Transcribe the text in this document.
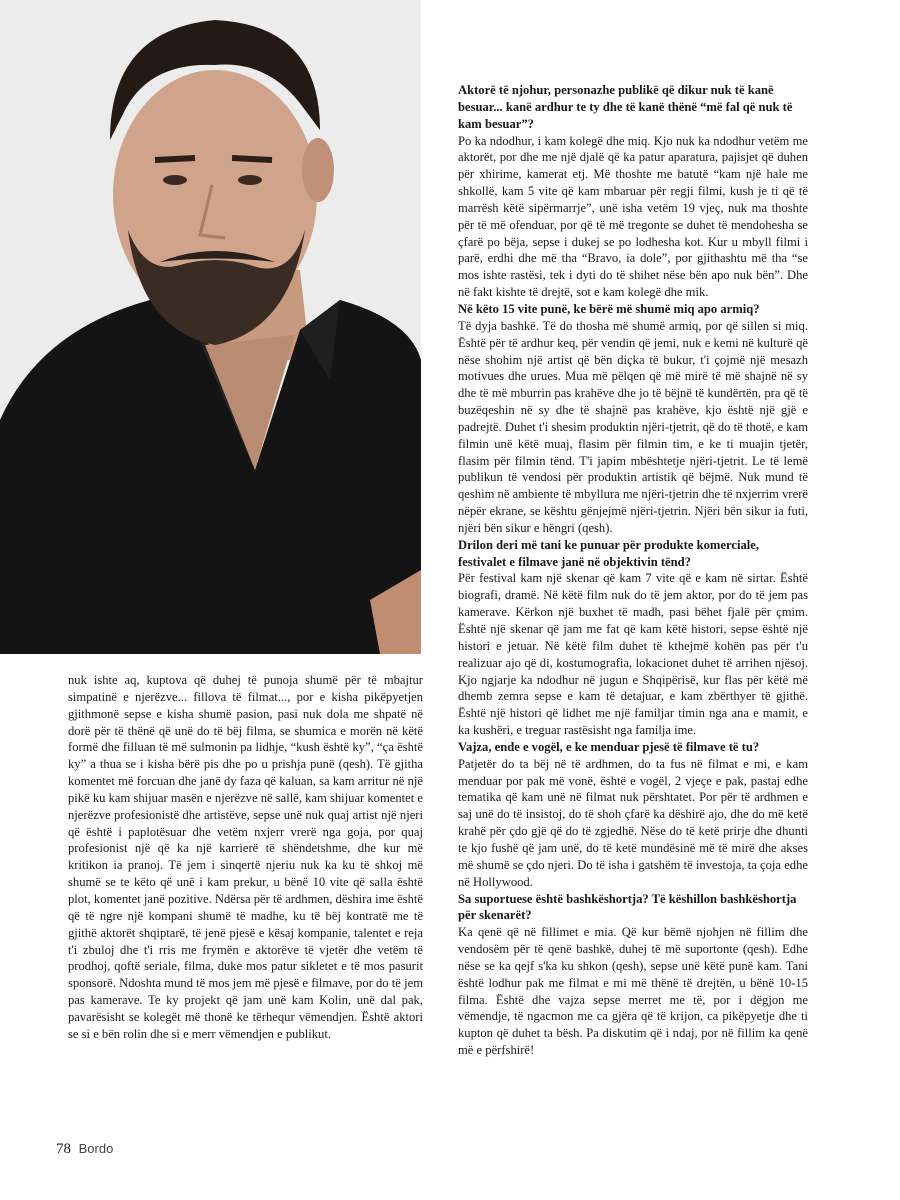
nuk ishte aq, kuptova që duhej të punoja shumë për të mbajtur simpatinë e njerëzve... fillova të filmat..., por e kisha pikëpyetjen gjithmonë sepse e kisha shumë pasion, pasi nuk dola me shpatë në dorë për të thënë që unë do të bëj filma, se shumica e morën në këtë formë dhe filluan të më sulmonin pa lidhje, “kush është ky”, “ça është ky” a thua se i kisha bërë pis dhe po u prishja punë (qesh). Të gjitha komentet më forcuan dhe janë dy faza që kaluan, sa kam arritur në një pikë ku kam shijuar masën e njerëzve në sallë, kam shijuar komentet e njerëzve profesionistë dhe artistëve, sepse unë nuk quaj artist një njeri që është i paplotësuar dhe vetëm nxjerr vrerë nga goja, por quaj profesionist një që ka një karrierë të shëndetshme, dhe kur më kritikon ia pranoj. Të jem i sinqertë njeriu nuk ka ku të shkoj më shumë se te këto që unë i kam prekur, u bënë 10 vite që salla është plot, komentet janë pozitive. Ndërsa për të ardhmen, dëshira ime është që të ngre një kompani shumë të madhe, ku të bëj kontratë me të gjithë aktorët shqiptarë, të jenë pjesë e kësaj kompanie, talentet e reja t'i zbuloj dhe t'i rris me frymën e aktorëve të vjetër dhe vetëm të prodhoj, qoftë seriale, filma, duke mos patur sikletet e të mos pasurit sponsorë. Ndoshta mund të mos jem më pjesë e filmave, por do të jem pas kamerave. Te ky projekt që jam unë kam Kolin, unë dal pak, pavarësisht se kolegët më thonë ke tërhequr vëmendjen. Është aktori se si e bën rolin dhe si e merr vëmendjen e publikut.

Aktorë të njohur, personazhe publikë që dikur nuk të kanë besuar... kanë ardhur te ty dhe të kanë thënë “më fal që nuk të kam besuar”?

Po ka ndodhur, i kam kolegë dhe miq. Kjo nuk ka ndodhur vetëm me aktorët, por dhe me një djalë që ka patur aparatura, pajisjet që duhen për xhirime, kamerat etj. Më thoshte me batutë “kam një hale me shkollë, kam 5 vite që kam mbaruar për regji filmi, kush je ti që të marrësh këtë sipërmarrje”, unë isha vetëm 19 vjeç, nuk ma thoshte për të më ofenduar, por që të më tregonte se duhet të mendohesha se çfarë po bëja, sepse i dukej se po lodhesha kot. Kur u mbyll filmi i parë, erdhi dhe më tha “Bravo, ia dole”, por gjithashtu më tha “se mos ishte rastësi, tek i dyti do të shihet nëse bën apo nuk bën”. Dhe në fakt kishte të drejtë, sot e kam kolegë dhe mik.

Në këto 15 vite punë, ke bërë më shumë miq apo armiq?

Të dyja bashkë. Të do thosha më shumë armiq, por që sillen si miq. Është për të ardhur keq, për vendin që jemi, nuk e kemi në kulturë që nëse shohim një artist që bën diçka të bukur, t'i çojmë një mesazh motivues dhe urues. Mua më pëlqen që më mirë të më shajnë në sy dhe të më mburrin pas krahëve dhe jo të bëjnë të kundërtën, pra që të buzëqeshin në sy dhe të shajnë pas krahëve, kjo është një gjë e padrejtë. Duhet t'i shesim produktin njëri-tjetrit, që do të thotë, e kam filmin unë këtë muaj, flasim për filmin tim, e ke ti muajin tjetër, flasim për filmin tënd. T'i japim mbështetje njëri-tjetrit. Le të lemë publikun të vendosi për produktin artistik që bëjmë. Nuk mund të qeshim në ambiente të mbyllura me njëri-tjetrin dhe të nxjerrim vrerë nëpër ekrane, se kështu gënjejmë njëri-tjetrin. Njëri bën sikur ia futi, njëri bën sikur e hëngri (qesh).

Drilon deri më tani ke punuar për produkte komerciale, festivalet e filmave janë në objektivin tënd?

Për festival kam një skenar që kam 7 vite që e kam në sirtar. Është biografi, dramë. Në këtë film nuk do të jem aktor, por do të jem pas kamerave. Kërkon një buxhet të madh, pasi bëhet fjalë për çmim. Është një skenar që jam me fat që kam këtë histori, sepse është një histori e jetuar. Në këtë film duhet të kthejmë kohën pas për t'u realizuar ajo që di, kostumografia, lokacionet duhet të arrihen njësoj. Kjo ngjarje ka ndodhur në jugun e Shqipërisë, kur flas për këtë më dhemb zemra sepse e kam të detajuar, e kam zbërthyer të gjithë. Është një histori që lidhet me një familjar timin nga ana e mamit, e ka kushëri, e treguar rastësisht nga familja ime.

Vajza, ende e vogël, e ke menduar pjesë të filmave të tu?

Patjetër do ta bëj në të ardhmen, do ta fus në filmat e mi, e kam menduar por pak më vonë, është e vogël, 2 vjeçe e pak, pastaj edhe tematika që kam unë në filmat nuk përshtatet. Por për të ardhmen e saj unë do të insistoj, do të shoh çfarë ka dëshirë ajo, dhe do më ketë krahë për çdo gjë që do të zgjedhë. Nëse do të ketë prirje dhe dhunti te kjo fushë që jam unë, do të ketë mundësinë më të mirë dhe akses më shumë se çdo njeri. Do të isha i gatshëm të investoja, ta çoja edhe në Hollywood.

Sa suportuese është bashkëshortja? Të këshillon bashkëshortja për skenarët?

Ka qenë që në fillimet e mia. Që kur bëmë njohjen në fillim dhe vendosëm për të qenë bashkë, duhej të më suportonte (qesh). Edhe nëse se ka qejf s'ka ku shkon (qesh), sepse unë këtë punë kam. Tani është lodhur pak me filmat e mi më thënë të drejtën, u bënë 10-15 filma. Është dhe vajza sepse merret me të, por i dëgjon me vëmendje, të ngacmon me ca gjëra që të krijon, ca pikëpyetje dhe ti kupton që duhet ta bësh. Pa diskutim që i ndaj, por në fillim ka qenë më e përfshirë!

78 Bordo
